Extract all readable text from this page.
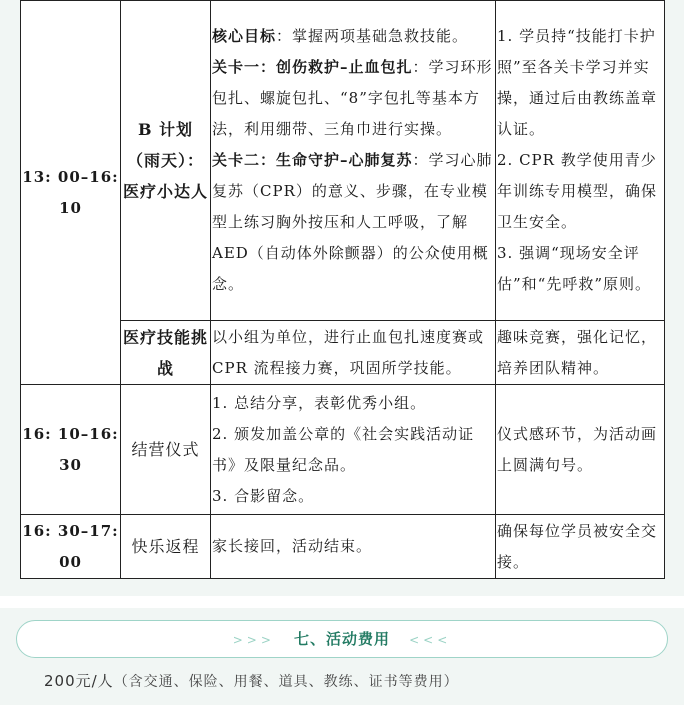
13: 00–16: 10	B 计划（雨天）：医疗小达人	核心目标：掌握两项基础急救技能。
关卡一：创伤救护–止血包扎：学习环形包扎、螺旋包扎、“8”字包扎等基本方法，利用绷带、三角巾进行实操。
关卡二：生命守护–心肺复苏：学习心肺复苏（CPR）的意义、步骤，在专业模型上练习胸外按压和人工呼吸，了解 AED（自动体外除颤器）的公众使用概念。	1. 学员持“技能打卡护照”至各关卡学习并实操，通过后由教练盖章认证。
2. CPR 教学使用青少年训练专用模型，确保卫生安全。
3. 强调“现场安全评估”和“先呼救”原则。

	医疗技能挑战	以小组为单位，进行止血包扎速度赛或 CPR 流程接力赛，巩固所学技能。	趣味竞赛，强化记忆，培养团队精神。
16: 10–16: 30	结营仪式	1. 总结分享，表彰优秀小组。
2. 颁发加盖公章的《社会实践活动证书》及限量纪念品。
3. 合影留念。	仪式感环节，为活动画上圆满句号。
16: 30–17: 00	快乐返程	家长接回，活动结束。	确保每位学员被安全交接。
>>> 七、活动费用 <<<
200元/人（含交通、保险、用餐、道具、教练、证书等费用）
